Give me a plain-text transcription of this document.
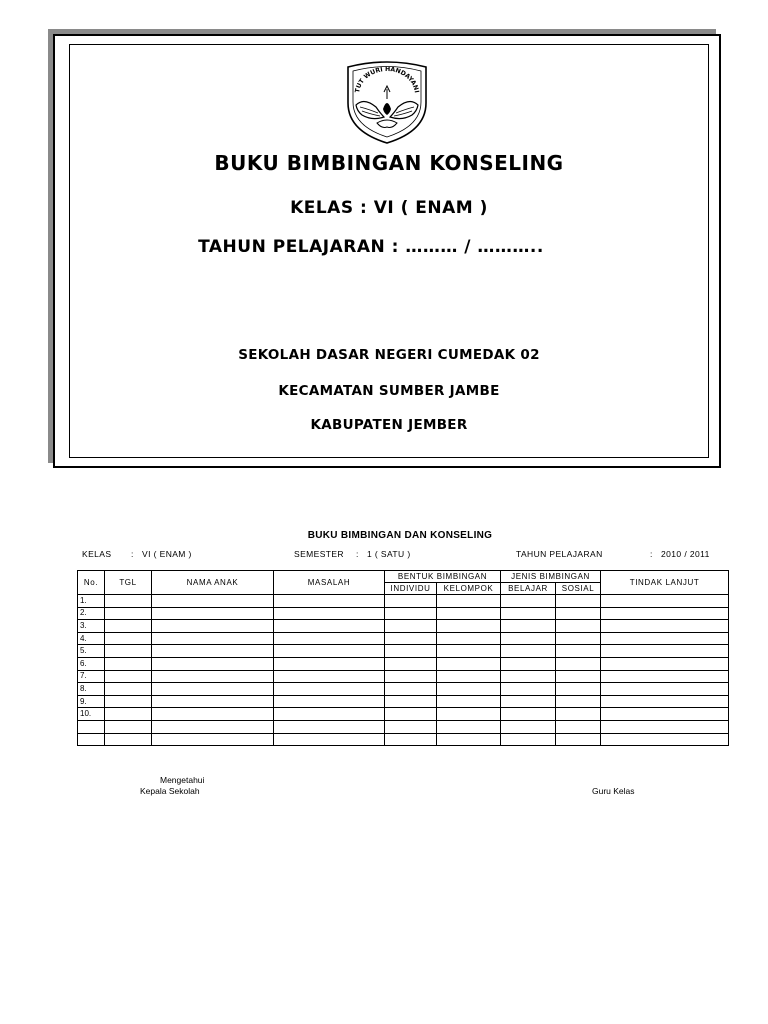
TUT WURI HANDAYANI
BUKU BIMBINGAN KONSELING
KELAS : VI ( ENAM )
TAHUN PELAJARAN : ……… / ………..
SEKOLAH DASAR NEGERI CUMEDAK 02
KECAMATAN SUMBER JAMBE
KABUPATEN JEMBER
BUKU BIMBINGAN DAN KONSELING
KELAS :   VI ( ENAM )	SEMESTER :   1 ( SATU )	TAHUN PELAJARAN	:   2010 / 2011
No.	TGL	NAMA ANAK	MASALAH	BENTUK BIMBINGAN		JENIS BIMBINGAN		TINDAK LANJUT
				INDIVIDU	KELOMPOK	BELAJAR	SOSIAL	
1.								
2.								
3.								
4.								
5.								
6.								
7.								
8.								
9.								
10.								

Mengetahui
Kepala Sekolah	Guru Kelas
